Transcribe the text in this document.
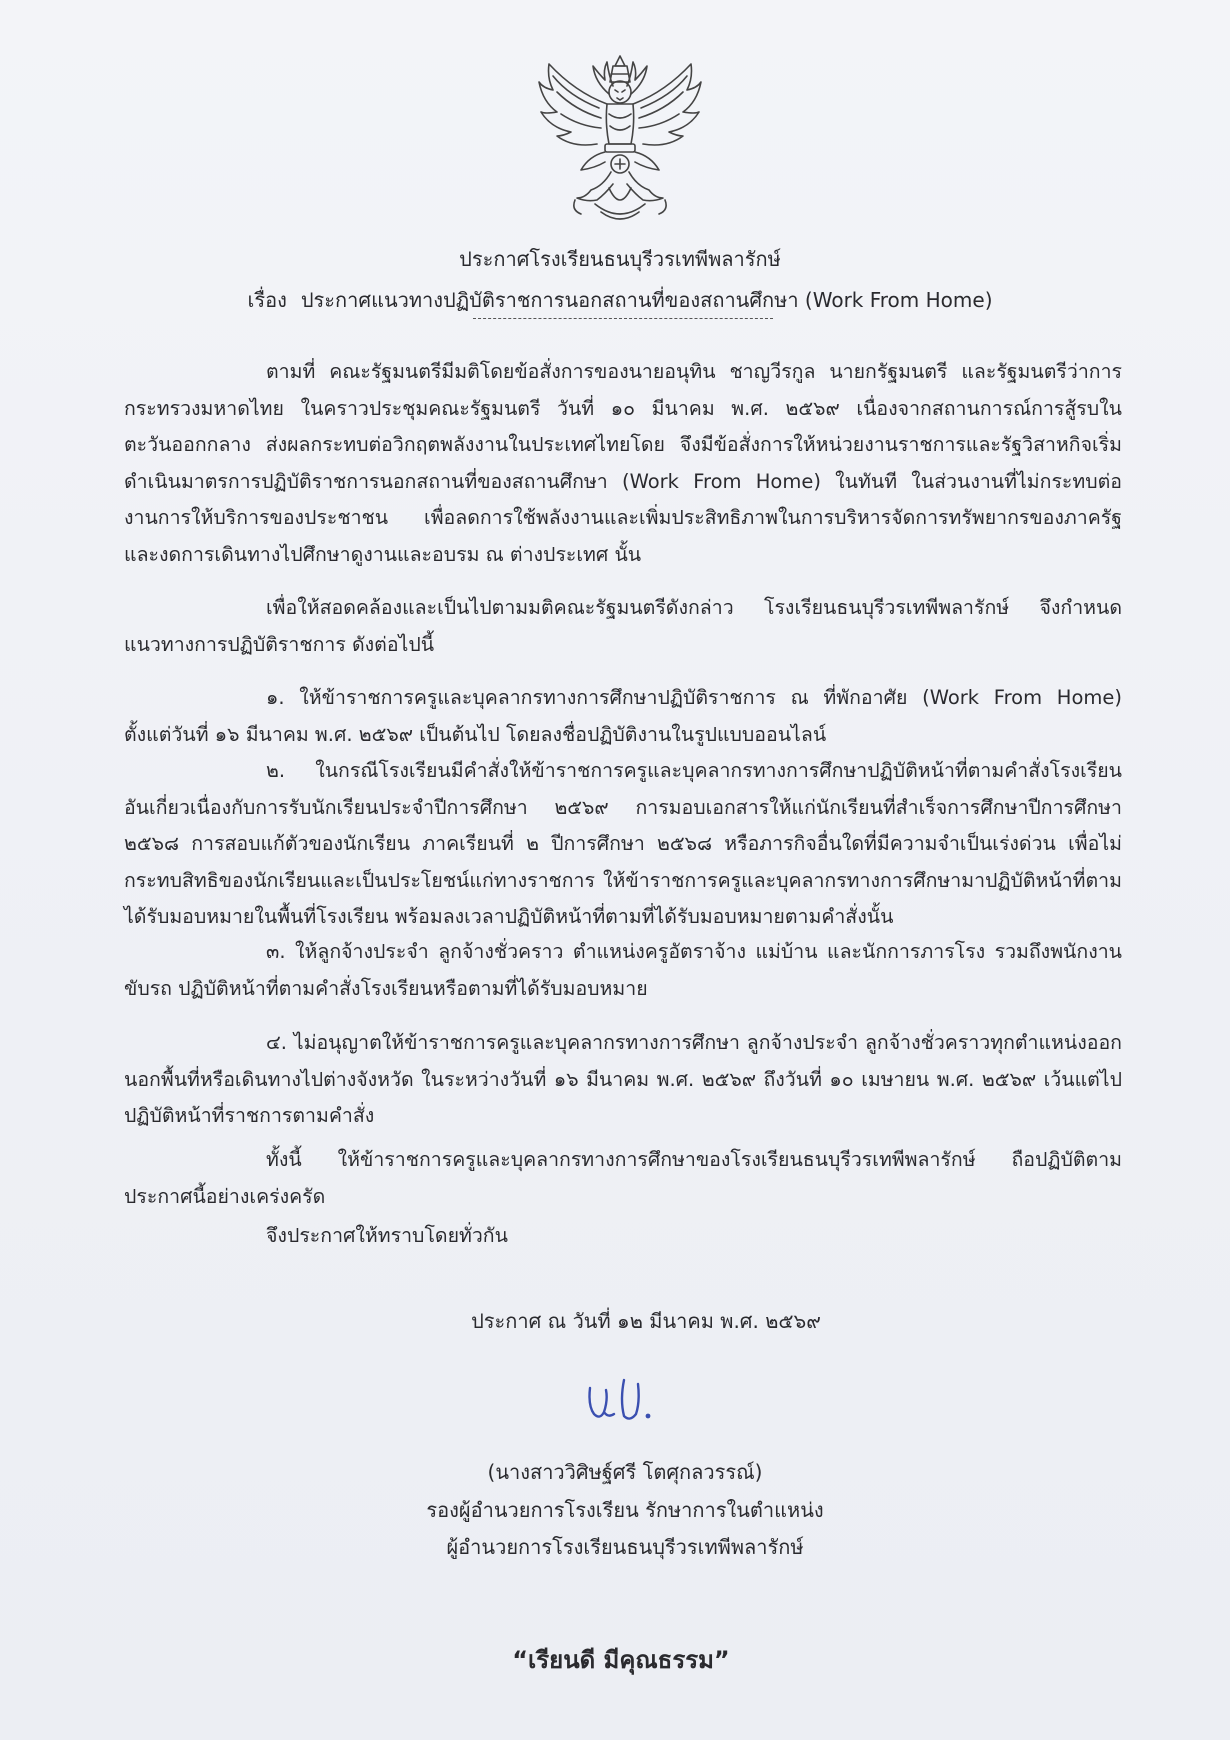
ประกาศโรงเรียนธนบุรีวรเทพีพลารักษ์
เรื่อง ประกาศแนวทางปฏิบัติราชการนอกสถานที่ของสถานศึกษา (Work From Home)

ตามที่ คณะรัฐมนตรีมีมติโดยข้อสั่งการของนายอนุทิน ชาญวีรกูล นายกรัฐมนตรี และรัฐมนตรีว่าการกระทรวงมหาดไทย ในคราวประชุมคณะรัฐมนตรี วันที่ ๑๐ มีนาคม พ.ศ. ๒๕๖๙ เนื่องจากสถานการณ์การสู้รบในตะวันออกกลาง ส่งผลกระทบต่อวิกฤตพลังงานในประเทศไทยโดย จึงมีข้อสั่งการให้หน่วยงานราชการและรัฐวิสาหกิจเริ่มดำเนินมาตรการปฏิบัติราชการนอกสถานที่ของสถานศึกษา (Work From Home) ในทันที ในส่วนงานที่ไม่กระทบต่องานการให้บริการของประชาชน เพื่อลดการใช้พลังงานและเพิ่มประสิทธิภาพในการบริหารจัดการทรัพยากรของภาครัฐ และงดการเดินทางไปศึกษาดูงานและอบรม ณ ต่างประเทศ นั้น

เพื่อให้สอดคล้องและเป็นไปตามมติคณะรัฐมนตรีดังกล่าว โรงเรียนธนบุรีวรเทพีพลารักษ์ จึงกำหนดแนวทางการปฏิบัติราชการ ดังต่อไปนี้

๑. ให้ข้าราชการครูและบุคลากรทางการศึกษาปฏิบัติราชการ ณ ที่พักอาศัย (Work From Home) ตั้งแต่วันที่ ๑๖ มีนาคม พ.ศ. ๒๕๖๙ เป็นต้นไป โดยลงชื่อปฏิบัติงานในรูปแบบออนไลน์

๒. ในกรณีโรงเรียนมีคำสั่งให้ข้าราชการครูและบุคลากรทางการศึกษาปฏิบัติหน้าที่ตามคำสั่งโรงเรียน อันเกี่ยวเนื่องกับการรับนักเรียนประจำปีการศึกษา ๒๕๖๙ การมอบเอกสารให้แก่นักเรียนที่สำเร็จการศึกษาปีการศึกษา ๒๕๖๘ การสอบแก้ตัวของนักเรียน ภาคเรียนที่ ๒ ปีการศึกษา ๒๕๖๘ หรือภารกิจอื่นใดที่มีความจำเป็นเร่งด่วน เพื่อไม่กระทบสิทธิของนักเรียนและเป็นประโยชน์แก่ทางราชการ ให้ข้าราชการครูและบุคลากรทางการศึกษามาปฏิบัติหน้าที่ตามได้รับมอบหมายในพื้นที่โรงเรียน พร้อมลงเวลาปฏิบัติหน้าที่ตามที่ได้รับมอบหมายตามคำสั่งนั้น

๓. ให้ลูกจ้างประจำ ลูกจ้างชั่วคราว ตำแหน่งครูอัตราจ้าง แม่บ้าน และนักการภารโรง รวมถึงพนักงานขับรถ ปฏิบัติหน้าที่ตามคำสั่งโรงเรียนหรือตามที่ได้รับมอบหมาย

๔. ไม่อนุญาตให้ข้าราชการครูและบุคลากรทางการศึกษา ลูกจ้างประจำ ลูกจ้างชั่วคราวทุกตำแหน่งออกนอกพื้นที่หรือเดินทางไปต่างจังหวัด ในระหว่างวันที่ ๑๖ มีนาคม พ.ศ. ๒๕๖๙ ถึงวันที่ ๑๐ เมษายน พ.ศ. ๒๕๖๙ เว้นแต่ไปปฏิบัติหน้าที่ราชการตามคำสั่ง

ทั้งนี้ ให้ข้าราชการครูและบุคลากรทางการศึกษาของโรงเรียนธนบุรีวรเทพีพลารักษ์ ถือปฏิบัติตามประกาศนี้อย่างเคร่งครัด

จึงประกาศให้ทราบโดยทั่วกัน

ประกาศ ณ วันที่ ๑๒ มีนาคม พ.ศ. ๒๕๖๙
(นางสาววิศิษฐ์ศรี โตศุกลวรรณ์)
รองผู้อำนวยการโรงเรียน รักษาการในตำแหน่ง
ผู้อำนวยการโรงเรียนธนบุรีวรเทพีพลารักษ์
“เรียนดี มีคุณธรรม”
